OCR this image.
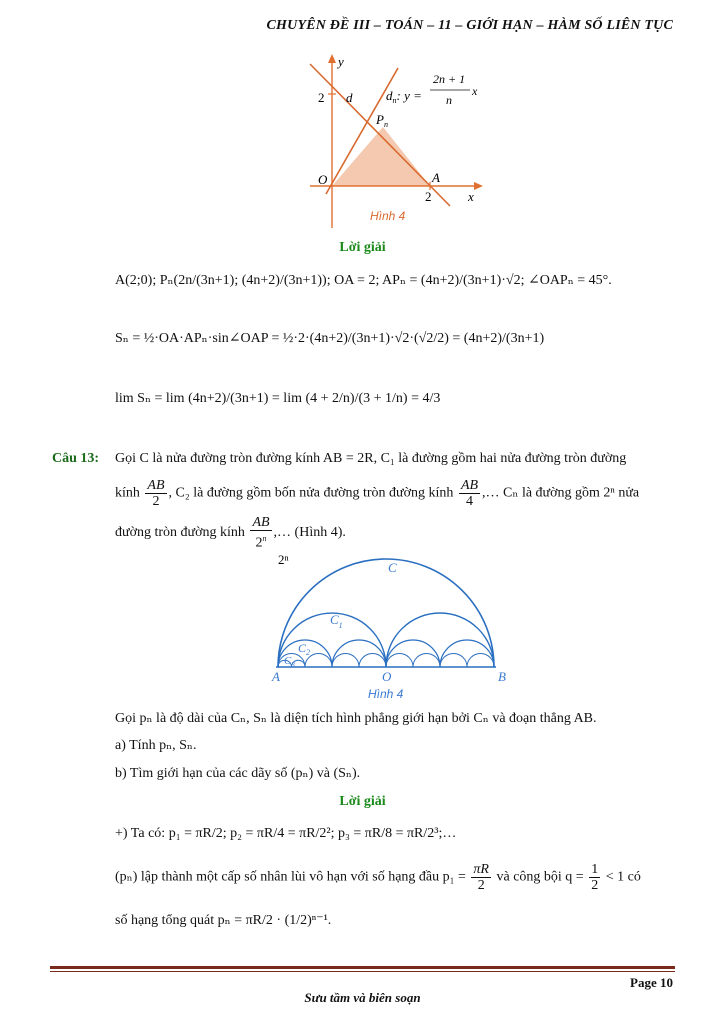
CHUYÊN ĐỀ III – TOÁN – 11 – GIỚI HẠN – HÀM SỐ LIÊN TỤC
y
2 d	$d_n$: y =
2n + 1
n
x
$P_n$
O	A
2	x
Hình 4
Lời giải
A(2;0); Pₙ(2n/(3n+1); (4n+2)/(3n+1)); OA = 2; APₙ = (4n+2)/(3n+1)·√2; ∠OAPₙ = 45°.
Sₙ = ½·OA·APₙ·sin∠OAP = ½·2·(4n+2)/(3n+1)·√2·(√2/2) = (4n+2)/(3n+1)
lim Sₙ = lim (4n+2)/(3n+1) = lim (4 + 2/n)/(3 + 1/n) = 4/3
Câu 13: Gọi C là nửa đường tròn đường kính AB = 2R, C₁ là đường gồm hai nửa đường tròn đường
kính $\frac{AB}{2}$ , C₂ là đường gồm bốn nửa đường tròn đường kính $\frac{AB}{4}$ ,… Cₙ là đường gồm 2ⁿ nửa
đường tròn đường kính $\frac{AB}{2^n}$ ,… (Hình 4).
2ⁿ
C
$C_1$
$C_2$
$C_3$
A	O	B
Hình 4
Gọi pₙ là độ dài của Cₙ, Sₙ là diện tích hình phẳng giới hạn bởi Cₙ và đoạn thẳng AB.
a) Tính pₙ, Sₙ.
b) Tìm giới hạn của các dãy số (pₙ) và (Sₙ).
Lời giải
+) Ta có: p₁ = πR/2; p₂ = πR/4 = πR/2²; p₃ = πR/8 = πR/2³;…
(pₙ) lập thành một cấp số nhân lùi vô hạn với số hạng đầu $p_1 = \frac{\pi R}{2}$ và công bội $q = \frac{1}{2} < 1$ có
số hạng tổng quát pₙ = πR/2 · (1/2)ⁿ⁻¹.
Page 10
Sưu tầm và biên soạn
